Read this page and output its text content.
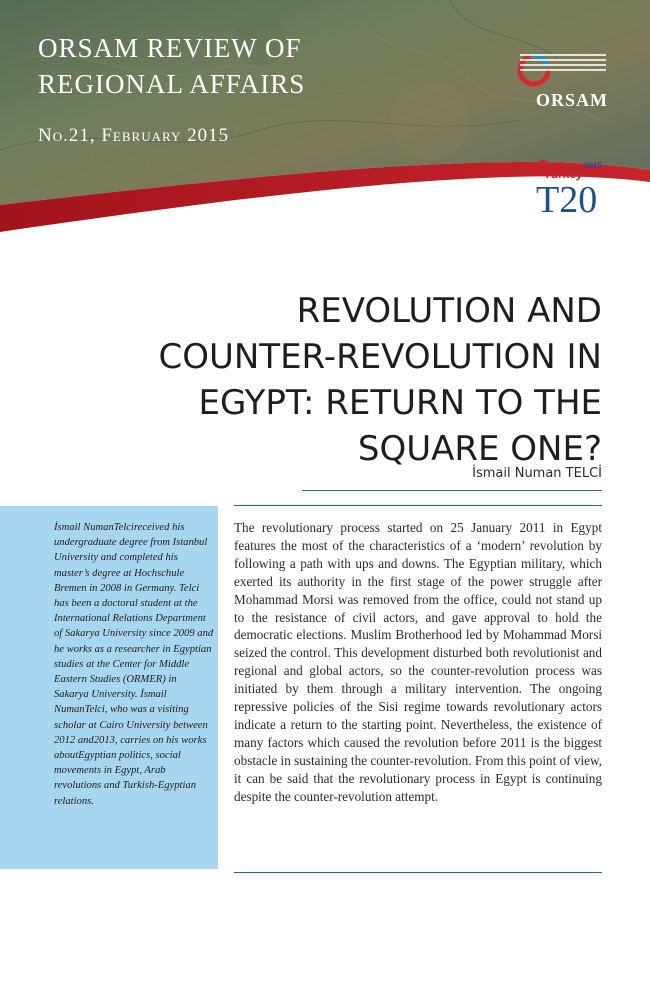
ORSAM REVIEW OF REGIONAL AFFAIRS
No.21, February 2015
ORSAM
Turkey
2015
T20
REVOLUTION AND COUNTER-REVOLUTION IN EGYPT: RETURN TO THE SQUARE ONE?
İsmail Numan TELCİ
İsmail NumanTelcireceived his undergraduate degree from Istanbul University and completed his master’s degree at Hochschule Bremen in 2008 in Germany. Telci has been a doctoral student at the International Relations Department of Sakarya University since 2009 and he works as a researcher in Egyptian studies at the Center for Middle Eastern Studies (ORMER) in Sakarya University. İsmail NumanTelci, who was a visiting scholar at Cairo University between 2012 and2013, carries on his works aboutEgyptian politics, social movements in Egypt, Arab revolutions and Turkish-Egyptian relations.
The revolutionary process started on 25 January 2011 in Egypt features the most of the characteristics of a ‘modern’ revolution by following a path with ups and downs. The Egyptian military, which exerted its authority in the first stage of the power struggle after Mohammad Morsi was removed from the office, could not stand up to the resistance of civil actors, and gave approval to hold the democratic elections. Muslim Brotherhood led by Mohammad Morsi seized the control. This development disturbed both revolutionist and regional and global actors, so the counter-revolution process was initiated by them through a military intervention. The ongoing repressive policies of the Sisi regime towards revolutionary actors indicate a return to the starting point. Nevertheless, the existence of many factors which caused the revolution before 2011 is the biggest obstacle in sustaining the counter-revolution. From this point of view, it can be said that the revolutionary process in Egypt is continuing despite the counter-revolution attempt.
